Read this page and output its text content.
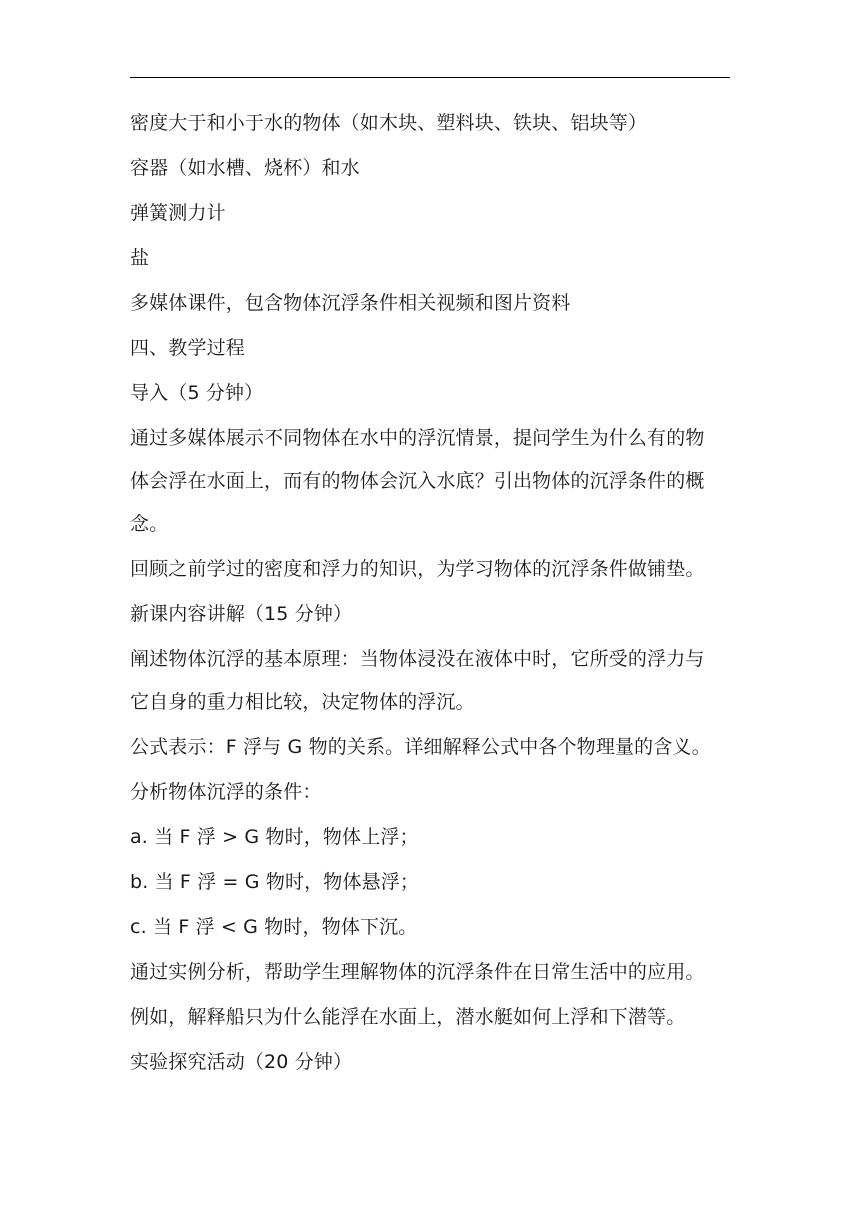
密度大于和小于水的物体（如木块、塑料块、铁块、铝块等）
容器（如水槽、烧杯）和水
弹簧测力计
盐
多媒体课件，包含物体沉浮条件相关视频和图片资料
四、教学过程
导入（5 分钟）
通过多媒体展示不同物体在水中的浮沉情景，提问学生为什么有的物
体会浮在水面上，而有的物体会沉入水底？引出物体的沉浮条件的概
念。
回顾之前学过的密度和浮力的知识，为学习物体的沉浮条件做铺垫。
新课内容讲解（15 分钟）
阐述物体沉浮的基本原理：当物体浸没在液体中时，它所受的浮力与
它自身的重力相比较，决定物体的浮沉。
公式表示：F 浮与 G 物的关系。详细解释公式中各个物理量的含义。
分析物体沉浮的条件：
a. 当 F 浮 > G 物时，物体上浮；
b. 当 F 浮 = G 物时，物体悬浮；
c. 当 F 浮 < G 物时，物体下沉。
通过实例分析，帮助学生理解物体的沉浮条件在日常生活中的应用。
例如，解释船只为什么能浮在水面上，潜水艇如何上浮和下潜等。
实验探究活动（20 分钟）
